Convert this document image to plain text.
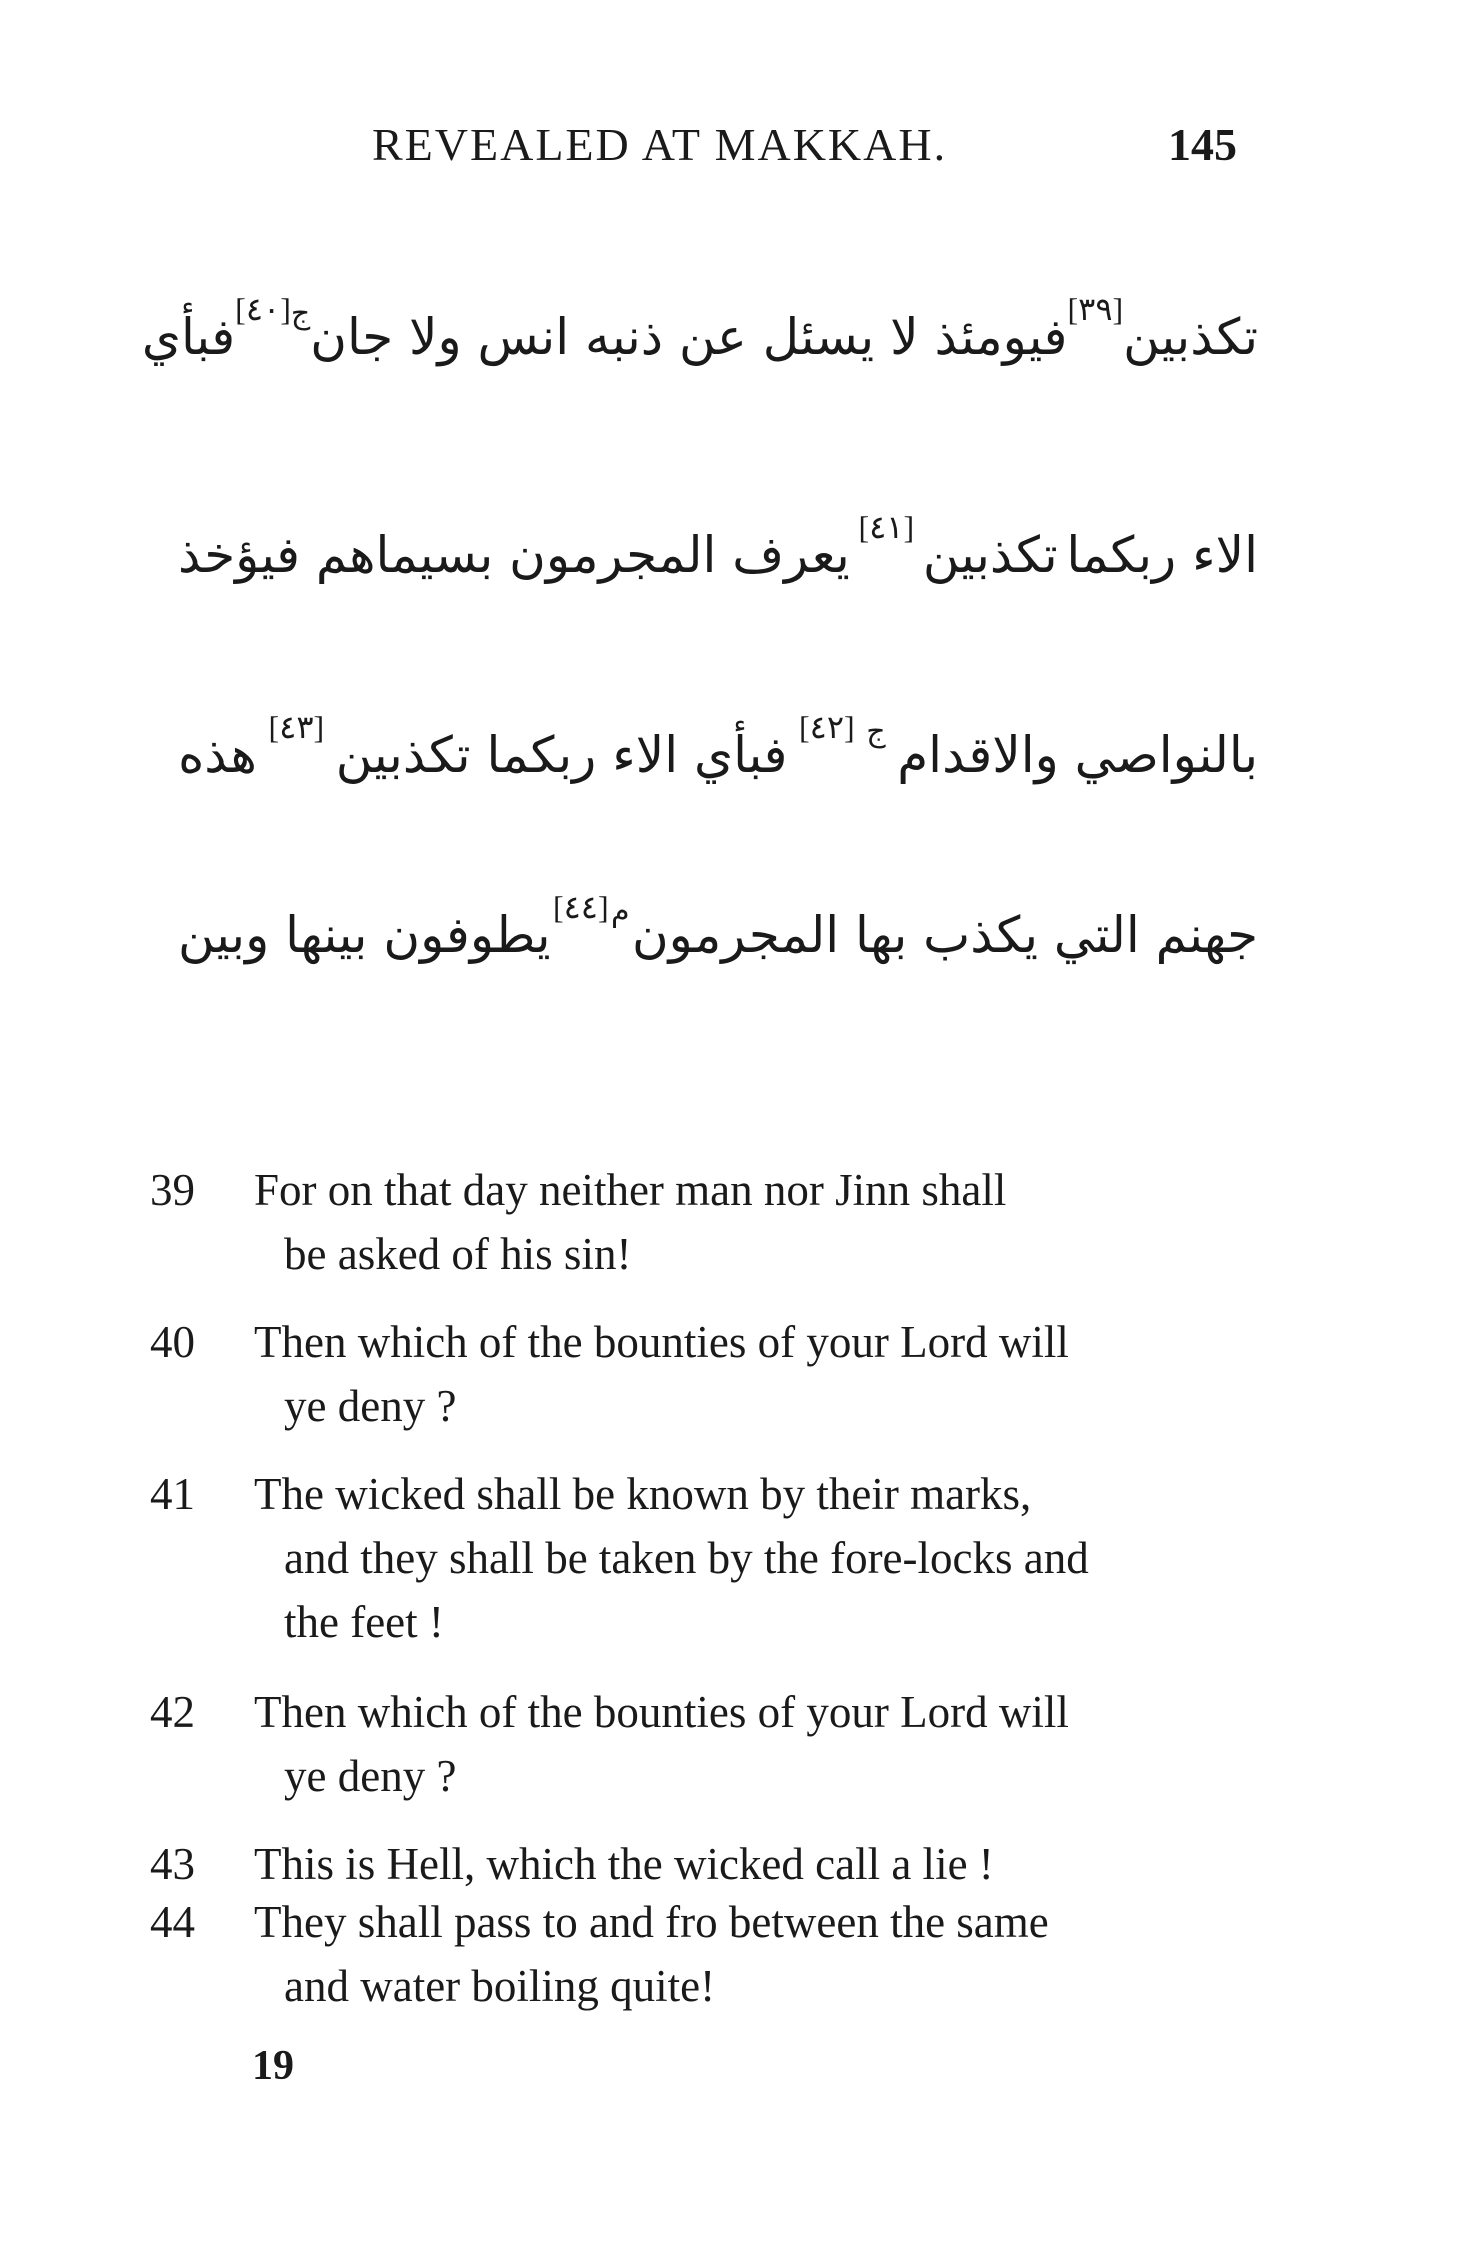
REVEALED AT MAKKAH.	145
تكذبين
[٣٩]
فيومئذ لا يسئل عن ذنبه انس ولا جان
ج
[٤٠]
فبأي
الاء ربكما
تكذبين
[٤١]
يعرف المجرمون بسيماهم فيؤخذ
بالنواصي والاقدام
ج
[٤٢]
فبأي الاء ربكما تكذبين
[٤٣]
هذه
جهنم التي يكذب بها المجرمون
م
[٤٤]
يطوفون بينها وبين
39	For on that day neither man nor Jinn shall
be asked of his sin!
40	Then which of the bounties of your Lord will
ye deny ?
41	The wicked shall be known by their marks,
and they shall be taken by the fore-locks and
the feet !
42	Then which of the bounties of your Lord will
ye deny ?
43	This is Hell, which the wicked call a lie !
44	They shall pass to and fro between the same
and water boiling quite!
19
